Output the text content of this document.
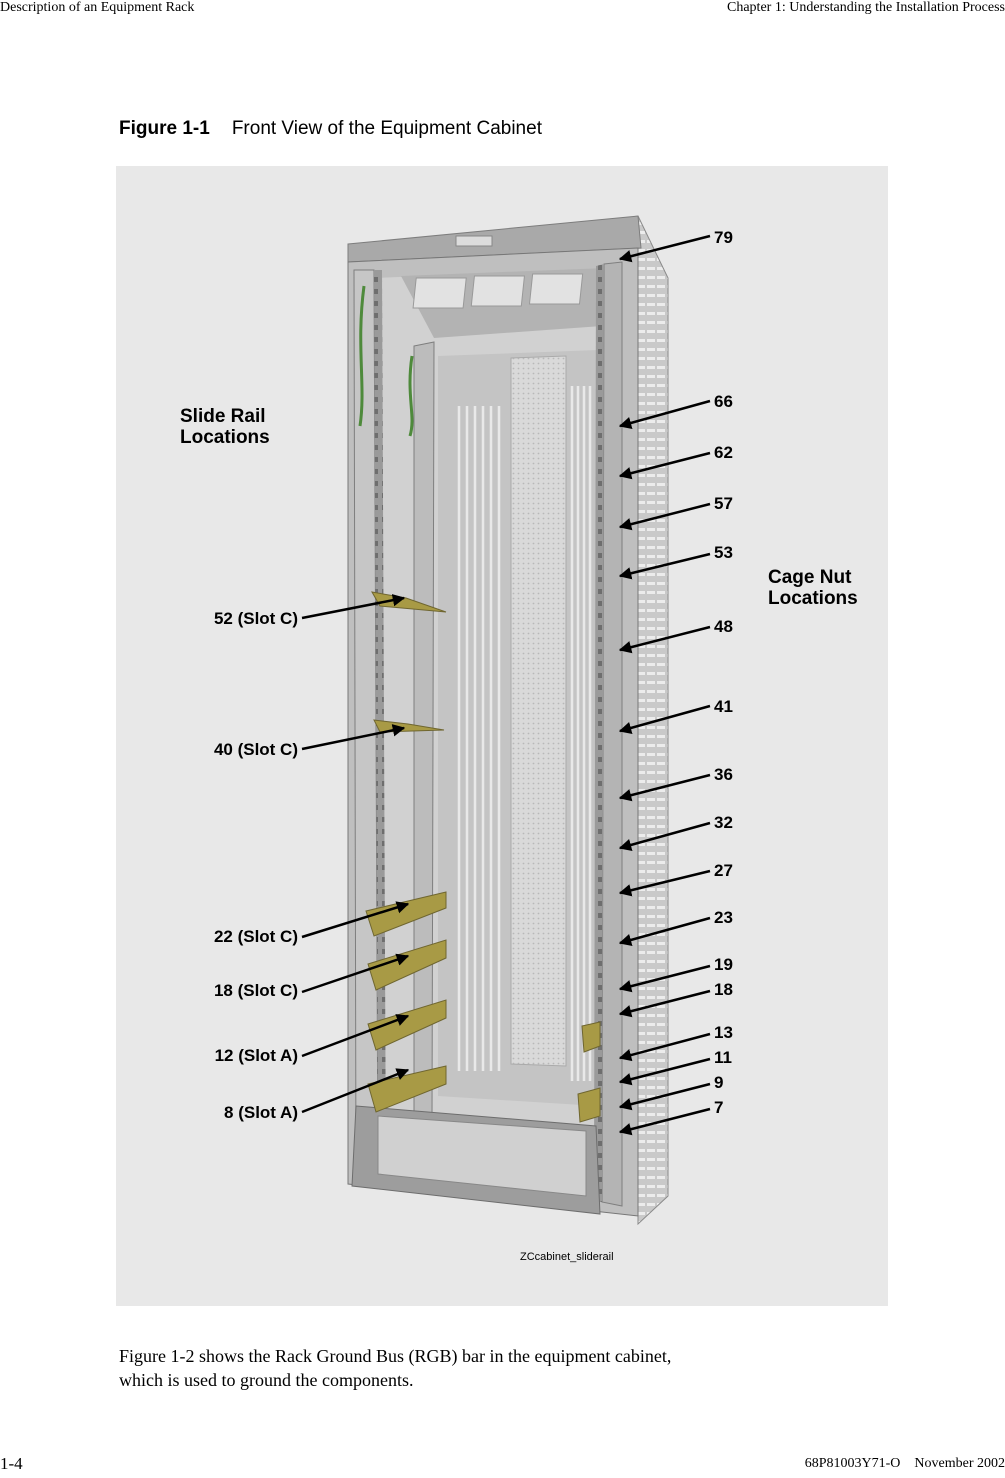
Description of an Equipment Rack	Chapter 1: Understanding the Installation Process
Figure 1-1 Front View of the Equipment Cabinet
Slide Rail Locations
Cage Nut Locations
52 (Slot C)
40 (Slot C)
22 (Slot C)
18 (Slot C)
12 (Slot A)
8 (Slot A)
79
66
62
57
53
48
41
36
32
27
23
19
18
13
11
9
7
ZCcabinet_sliderail
Figure 1-2 shows the Rack Ground Bus (RGB) bar in the equipment cabinet,
which is used to ground the components.
1-4	68P81003Y71-O    November 2002
